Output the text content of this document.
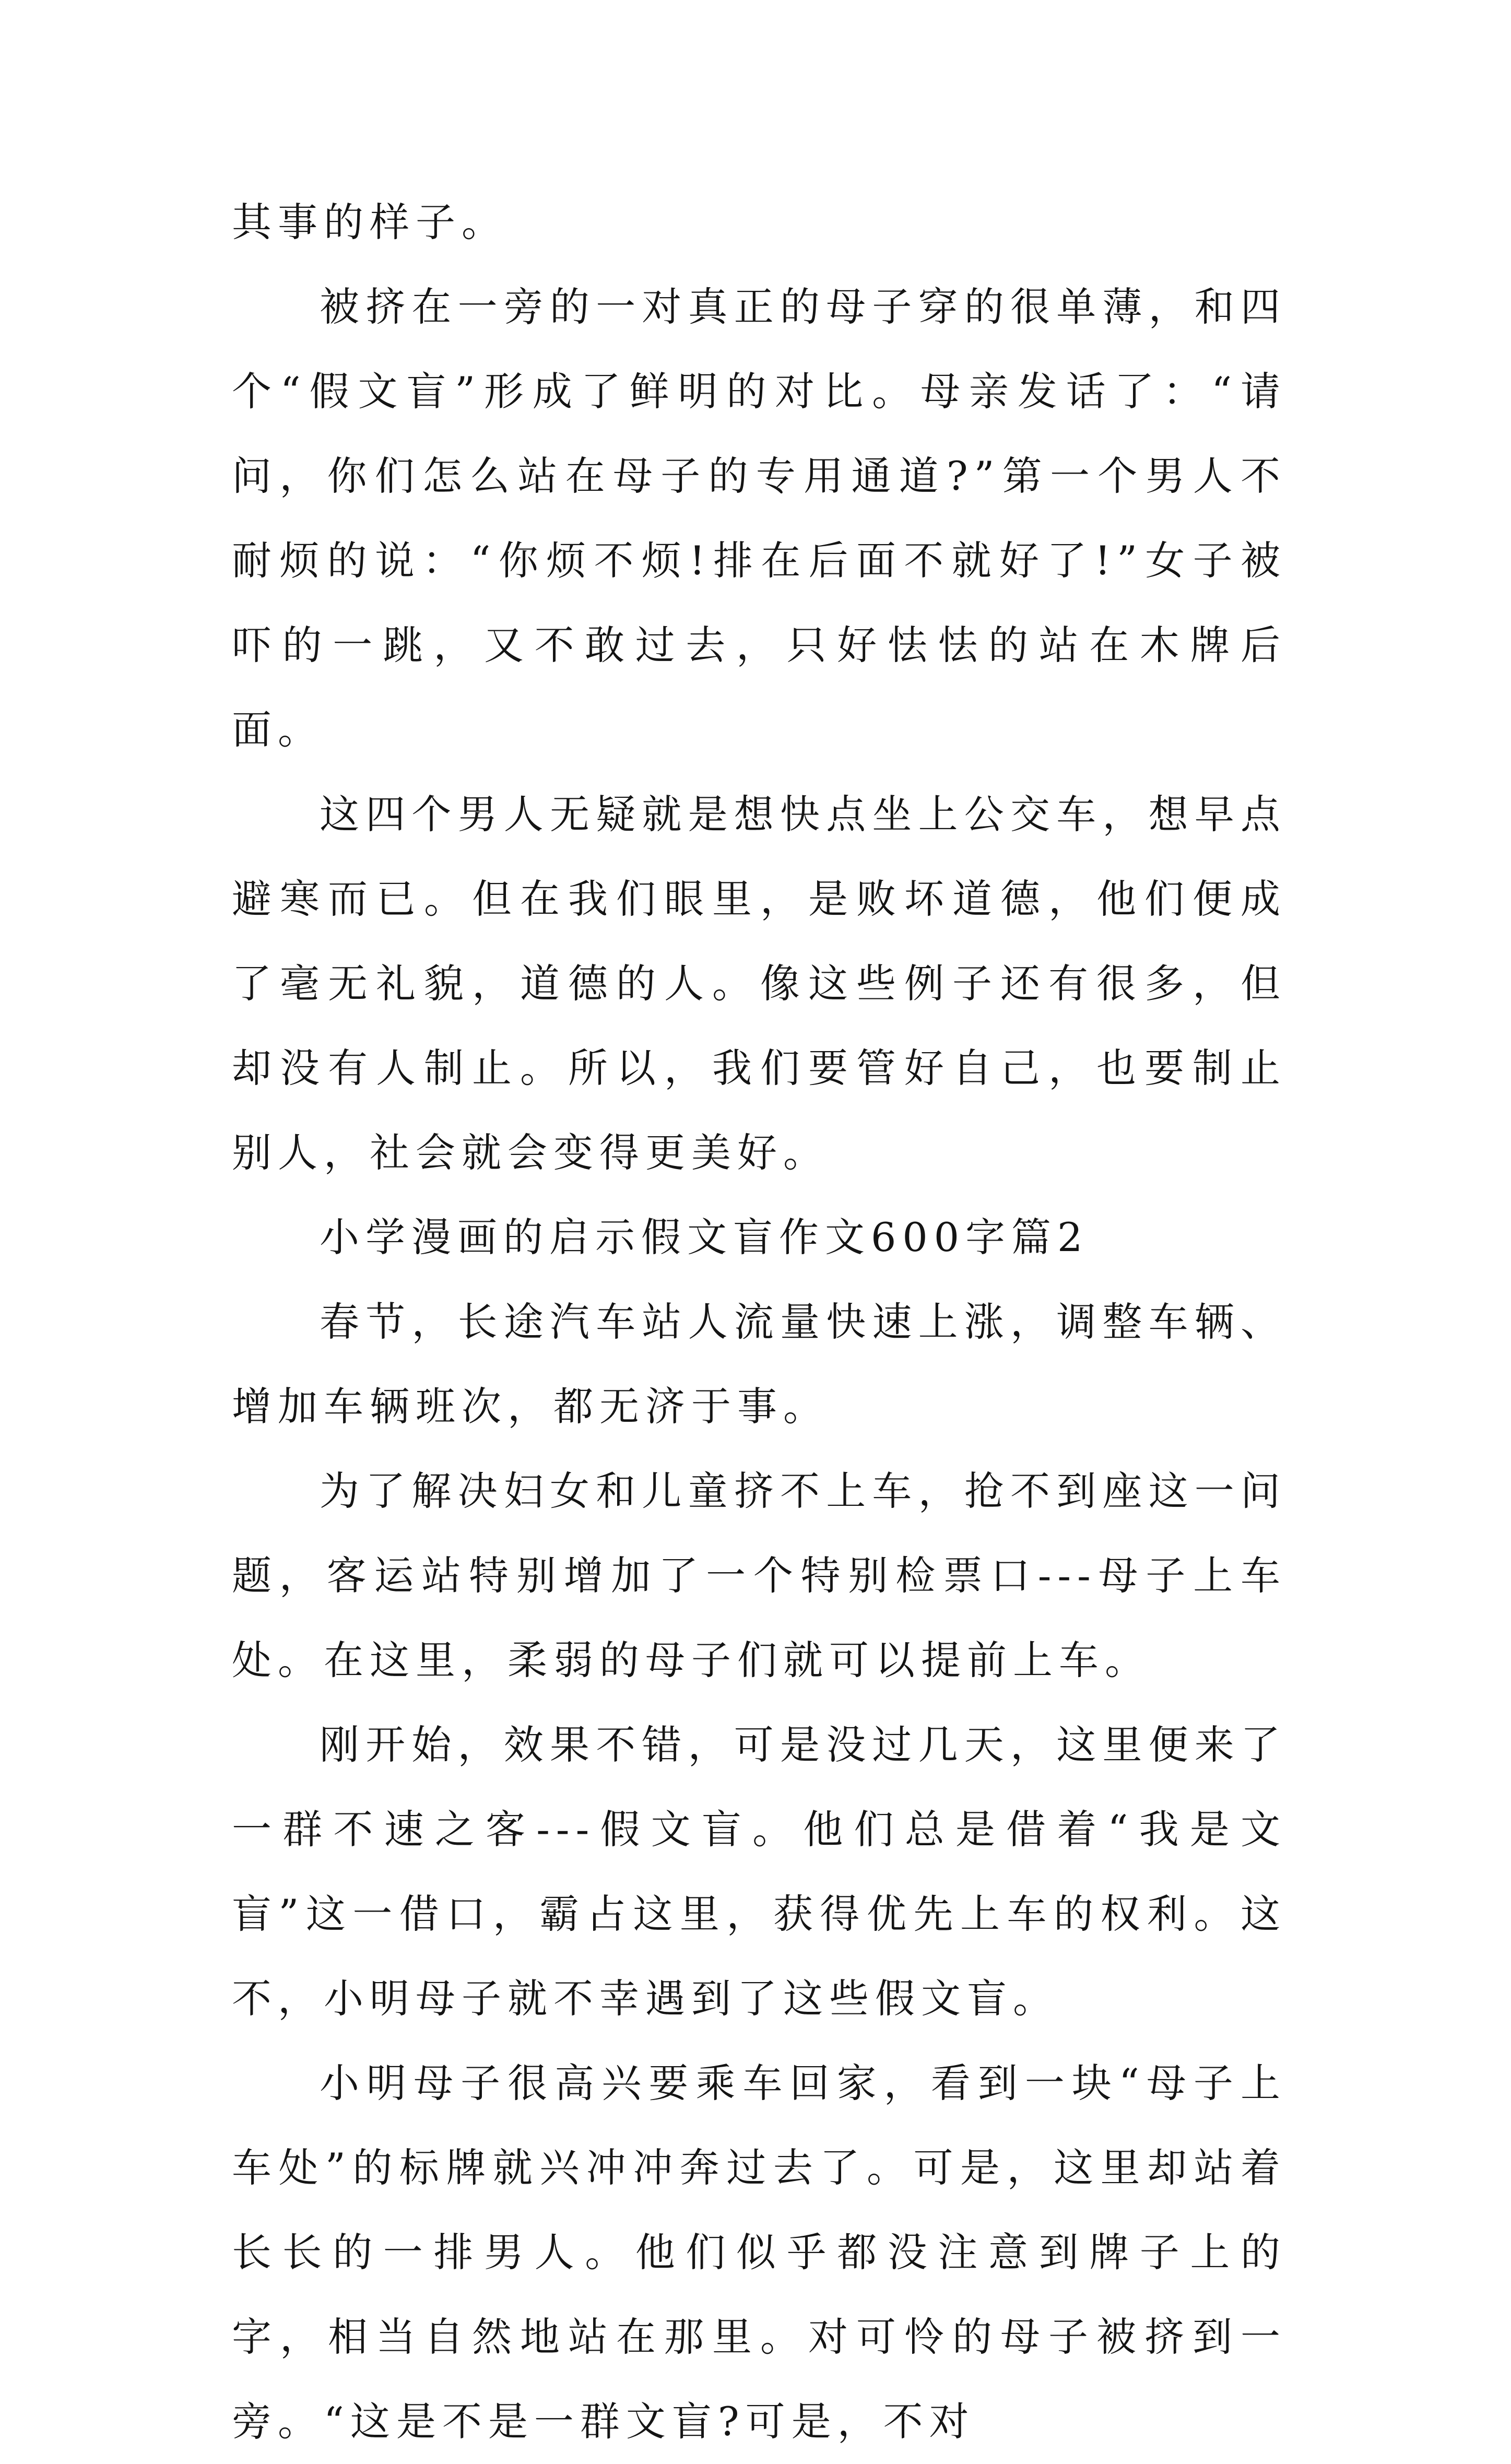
其事的样子。

被挤在一旁的一对真正的母子穿的很单薄，和四个“假文盲”形成了鲜明的对比。母亲发话了：“请问，你们怎么站在母子的专用通道?”第一个男人不耐烦的说：“你烦不烦!排在后面不就好了!”女子被吓的一跳，又不敢过去，只好怯怯的站在木牌后面。

这四个男人无疑就是想快点坐上公交车，想早点避寒而已。但在我们眼里，是败坏道德，他们便成了毫无礼貌，道德的人。像这些例子还有很多，但却没有人制止。所以，我们要管好自己，也要制止别人，社会就会变得更美好。

小学漫画的启示假文盲作文600字篇2

春节，长途汽车站人流量快速上涨，调整车辆、增加车辆班次，都无济于事。

为了解决妇女和儿童挤不上车，抢不到座这一问题，客运站特别增加了一个特别检票口---母子上车处。在这里，柔弱的母子们就可以提前上车。

刚开始，效果不错，可是没过几天，这里便来了一群不速之客---假文盲。他们总是借着“我是文盲”这一借口，霸占这里，获得优先上车的权利。这不，小明母子就不幸遇到了这些假文盲。

小明母子很高兴要乘车回家，看到一块“母子上车处”的标牌就兴冲冲奔过去了。可是，这里却站着长长的一排男人。他们似乎都没注意到牌子上的字，相当自然地站在那里。对可怜的母子被挤到一旁。“这是不是一群文盲?可是，不对
